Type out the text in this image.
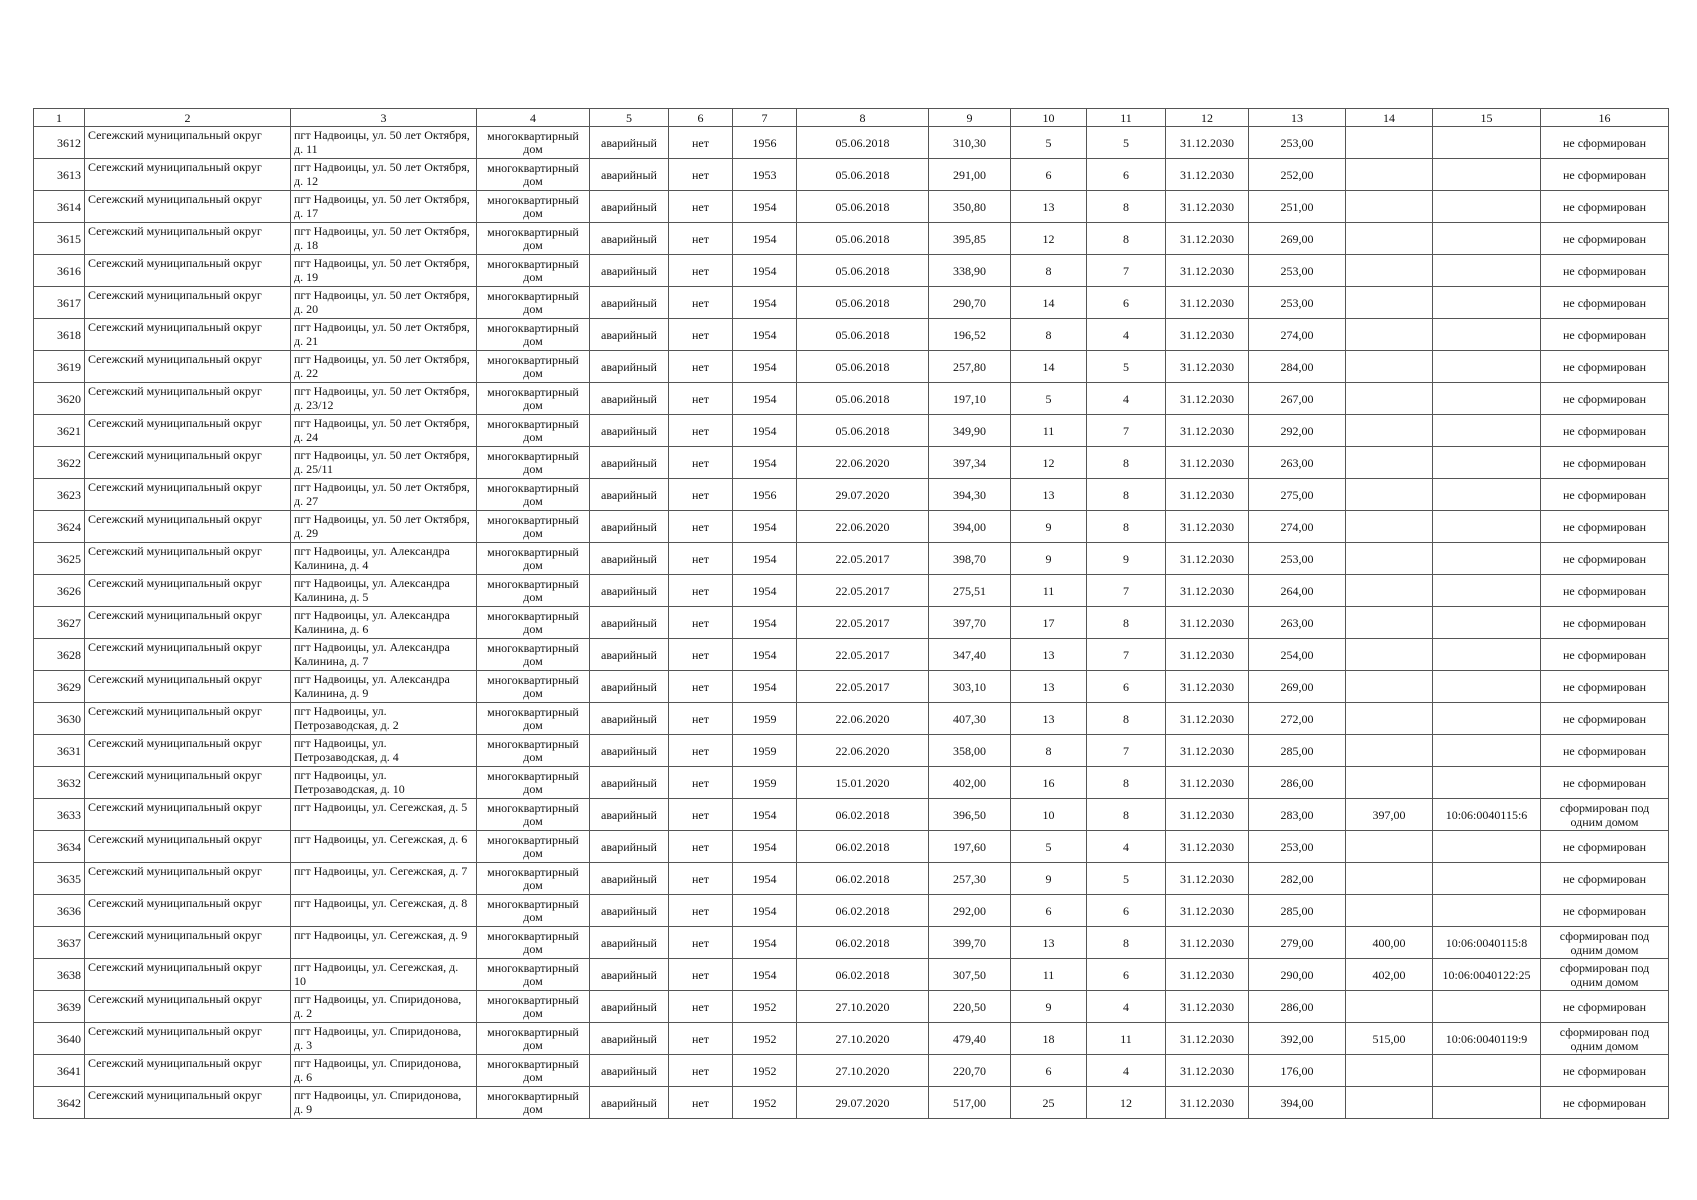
1	2	3	4	5	6	7	8	9	10	11	12	13	14	15	16
3612	Сегежский муниципальный округ	пгт Надвоицы, ул. 50 лет Октября, д. 11	многоквартирный дом	аварийный	нет	1956	05.06.2018	310,30	5	5	31.12.2030	253,00			не сформирован
3613	Сегежский муниципальный округ	пгт Надвоицы, ул. 50 лет Октября, д. 12	многоквартирный дом	аварийный	нет	1953	05.06.2018	291,00	6	6	31.12.2030	252,00			не сформирован
3614	Сегежский муниципальный округ	пгт Надвоицы, ул. 50 лет Октября, д. 17	многоквартирный дом	аварийный	нет	1954	05.06.2018	350,80	13	8	31.12.2030	251,00			не сформирован
3615	Сегежский муниципальный округ	пгт Надвоицы, ул. 50 лет Октября, д. 18	многоквартирный дом	аварийный	нет	1954	05.06.2018	395,85	12	8	31.12.2030	269,00			не сформирован
3616	Сегежский муниципальный округ	пгт Надвоицы, ул. 50 лет Октября, д. 19	многоквартирный дом	аварийный	нет	1954	05.06.2018	338,90	8	7	31.12.2030	253,00			не сформирован
3617	Сегежский муниципальный округ	пгт Надвоицы, ул. 50 лет Октября, д. 20	многоквартирный дом	аварийный	нет	1954	05.06.2018	290,70	14	6	31.12.2030	253,00			не сформирован
3618	Сегежский муниципальный округ	пгт Надвоицы, ул. 50 лет Октября, д. 21	многоквартирный дом	аварийный	нет	1954	05.06.2018	196,52	8	4	31.12.2030	274,00			не сформирован
3619	Сегежский муниципальный округ	пгт Надвоицы, ул. 50 лет Октября, д. 22	многоквартирный дом	аварийный	нет	1954	05.06.2018	257,80	14	5	31.12.2030	284,00			не сформирован
3620	Сегежский муниципальный округ	пгт Надвоицы, ул. 50 лет Октября, д. 23/12	многоквартирный дом	аварийный	нет	1954	05.06.2018	197,10	5	4	31.12.2030	267,00			не сформирован
3621	Сегежский муниципальный округ	пгт Надвоицы, ул. 50 лет Октября, д. 24	многоквартирный дом	аварийный	нет	1954	05.06.2018	349,90	11	7	31.12.2030	292,00			не сформирован
3622	Сегежский муниципальный округ	пгт Надвоицы, ул. 50 лет Октября, д. 25/11	многоквартирный дом	аварийный	нет	1954	22.06.2020	397,34	12	8	31.12.2030	263,00			не сформирован
3623	Сегежский муниципальный округ	пгт Надвоицы, ул. 50 лет Октября, д. 27	многоквартирный дом	аварийный	нет	1956	29.07.2020	394,30	13	8	31.12.2030	275,00			не сформирован
3624	Сегежский муниципальный округ	пгт Надвоицы, ул. 50 лет Октября, д. 29	многоквартирный дом	аварийный	нет	1954	22.06.2020	394,00	9	8	31.12.2030	274,00			не сформирован
3625	Сегежский муниципальный округ	пгт Надвоицы, ул. Александра Калинина, д. 4	многоквартирный дом	аварийный	нет	1954	22.05.2017	398,70	9	9	31.12.2030	253,00			не сформирован
3626	Сегежский муниципальный округ	пгт Надвоицы, ул. Александра Калинина, д. 5	многоквартирный дом	аварийный	нет	1954	22.05.2017	275,51	11	7	31.12.2030	264,00			не сформирован
3627	Сегежский муниципальный округ	пгт Надвоицы, ул. Александра Калинина, д. 6	многоквартирный дом	аварийный	нет	1954	22.05.2017	397,70	17	8	31.12.2030	263,00			не сформирован
3628	Сегежский муниципальный округ	пгт Надвоицы, ул. Александра Калинина, д. 7	многоквартирный дом	аварийный	нет	1954	22.05.2017	347,40	13	7	31.12.2030	254,00			не сформирован
3629	Сегежский муниципальный округ	пгт Надвоицы, ул. Александра Калинина, д. 9	многоквартирный дом	аварийный	нет	1954	22.05.2017	303,10	13	6	31.12.2030	269,00			не сформирован
3630	Сегежский муниципальный округ	пгт Надвоицы, ул. Петрозаводская, д. 2	многоквартирный дом	аварийный	нет	1959	22.06.2020	407,30	13	8	31.12.2030	272,00			не сформирован
3631	Сегежский муниципальный округ	пгт Надвоицы, ул. Петрозаводская, д. 4	многоквартирный дом	аварийный	нет	1959	22.06.2020	358,00	8	7	31.12.2030	285,00			не сформирован
3632	Сегежский муниципальный округ	пгт Надвоицы, ул. Петрозаводская, д. 10	многоквартирный дом	аварийный	нет	1959	15.01.2020	402,00	16	8	31.12.2030	286,00			не сформирован
3633	Сегежский муниципальный округ	пгт Надвоицы, ул. Сегежская, д. 5	многоквартирный дом	аварийный	нет	1954	06.02.2018	396,50	10	8	31.12.2030	283,00	397,00	10:06:0040115:6	сформирован под одним домом
3634	Сегежский муниципальный округ	пгт Надвоицы, ул. Сегежская, д. 6	многоквартирный дом	аварийный	нет	1954	06.02.2018	197,60	5	4	31.12.2030	253,00			не сформирован
3635	Сегежский муниципальный округ	пгт Надвоицы, ул. Сегежская, д. 7	многоквартирный дом	аварийный	нет	1954	06.02.2018	257,30	9	5	31.12.2030	282,00			не сформирован
3636	Сегежский муниципальный округ	пгт Надвоицы, ул. Сегежская, д. 8	многоквартирный дом	аварийный	нет	1954	06.02.2018	292,00	6	6	31.12.2030	285,00			не сформирован
3637	Сегежский муниципальный округ	пгт Надвоицы, ул. Сегежская, д. 9	многоквартирный дом	аварийный	нет	1954	06.02.2018	399,70	13	8	31.12.2030	279,00	400,00	10:06:0040115:8	сформирован под одним домом
3638	Сегежский муниципальный округ	пгт Надвоицы, ул. Сегежская, д. 10	многоквартирный дом	аварийный	нет	1954	06.02.2018	307,50	11	6	31.12.2030	290,00	402,00	10:06:0040122:25	сформирован под одним домом
3639	Сегежский муниципальный округ	пгт Надвоицы, ул. Спиридонова, д. 2	многоквартирный дом	аварийный	нет	1952	27.10.2020	220,50	9	4	31.12.2030	286,00			не сформирован
3640	Сегежский муниципальный округ	пгт Надвоицы, ул. Спиридонова, д. 3	многоквартирный дом	аварийный	нет	1952	27.10.2020	479,40	18	11	31.12.2030	392,00	515,00	10:06:0040119:9	сформирован под одним домом
3641	Сегежский муниципальный округ	пгт Надвоицы, ул. Спиридонова, д. 6	многоквартирный дом	аварийный	нет	1952	27.10.2020	220,70	6	4	31.12.2030	176,00			не сформирован
3642	Сегежский муниципальный округ	пгт Надвоицы, ул. Спиридонова, д. 9	многоквартирный дом	аварийный	нет	1952	29.07.2020	517,00	25	12	31.12.2030	394,00			не сформирован
